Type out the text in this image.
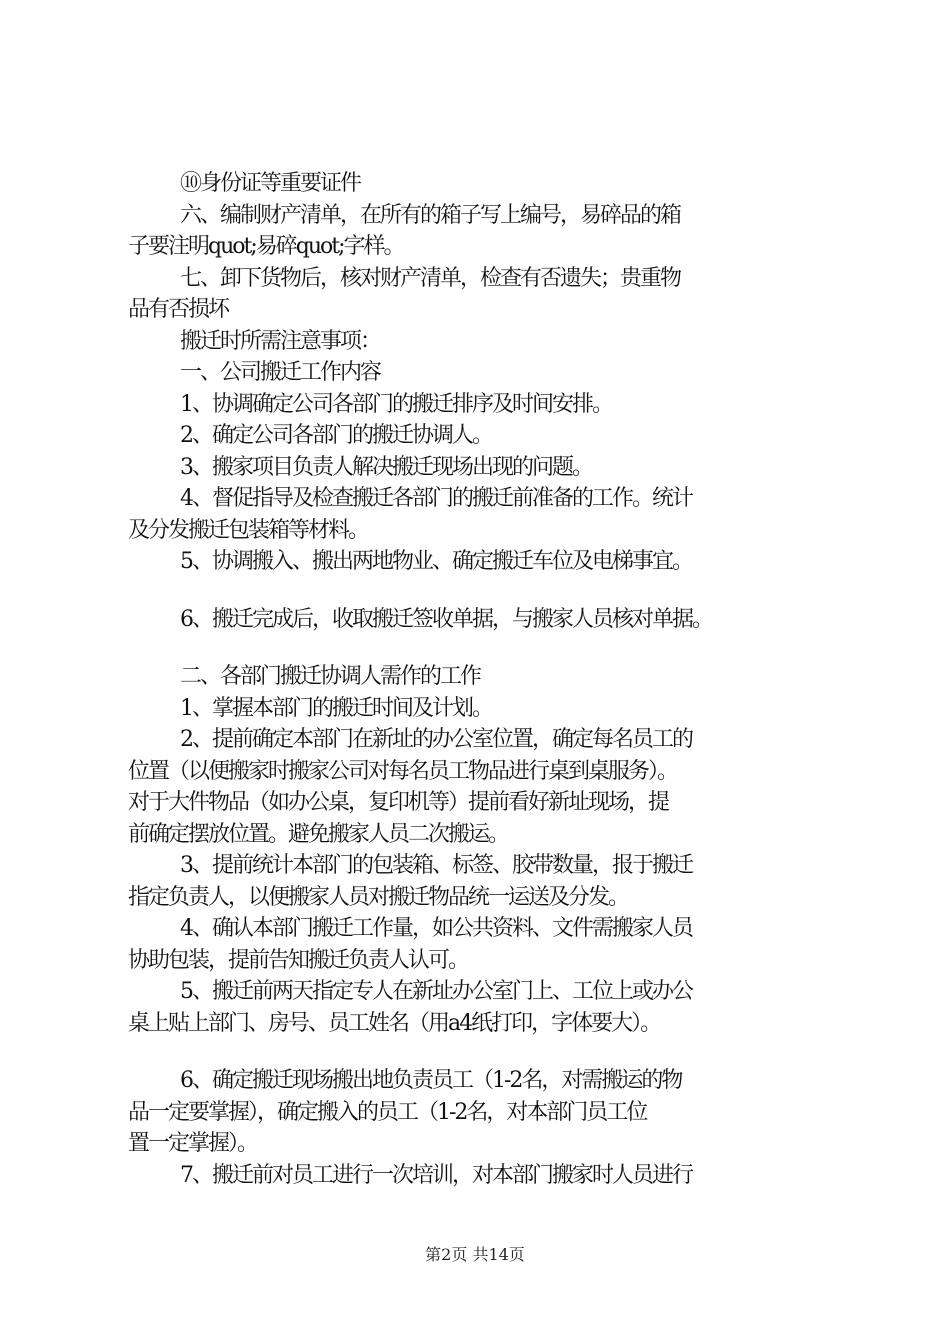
⑩身份证等重要证件
六、编制财产清单，在所有的箱子写上编号，易碎品的箱
子要注明quot;易碎quot;字样。
七、卸下货物后，核对财产清单，检查有否遗失；贵重物
品有否损坏
搬迁时所需注意事项：
一、公司搬迁工作内容
1、协调确定公司各部门的搬迁排序及时间安排。
2、确定公司各部门的搬迁协调人。
3、搬家项目负责人解决搬迁现场出现的问题。
4、督促指导及检查搬迁各部门的搬迁前准备的工作。统计
及分发搬迁包装箱等材料。
5、协调搬入、搬出两地物业、确定搬迁车位及电梯事宜。
6、搬迁完成后，收取搬迁签收单据，与搬家人员核对单据。
二、各部门搬迁协调人需作的工作
1、掌握本部门的搬迁时间及计划。
2、提前确定本部门在新址的办公室位置，确定每名员工的
位置（以便搬家时搬家公司对每名员工物品进行桌到桌服务）。
对于大件物品（如办公桌，复印机等）提前看好新址现场，提
前确定摆放位置。避免搬家人员二次搬运。
3、提前统计本部门的包装箱、标签、胶带数量，报于搬迁
指定负责人，以便搬家人员对搬迁物品统一运送及分发。
4、确认本部门搬迁工作量，如公共资料、文件需搬家人员
协助包装，提前告知搬迁负责人认可。
5、搬迁前两天指定专人在新址办公室门上、工位上或办公
桌上贴上部门、房号、员工姓名（用a4纸打印，字体要大）。
6、确定搬迁现场搬出地负责员工（1-2名，对需搬运的物
品一定要掌握），确定搬入的员工（1-2名，对本部门员工位
置一定掌握）。
7、搬迁前对员工进行一次培训，对本部门搬家时人员进行
第2页 共14页
